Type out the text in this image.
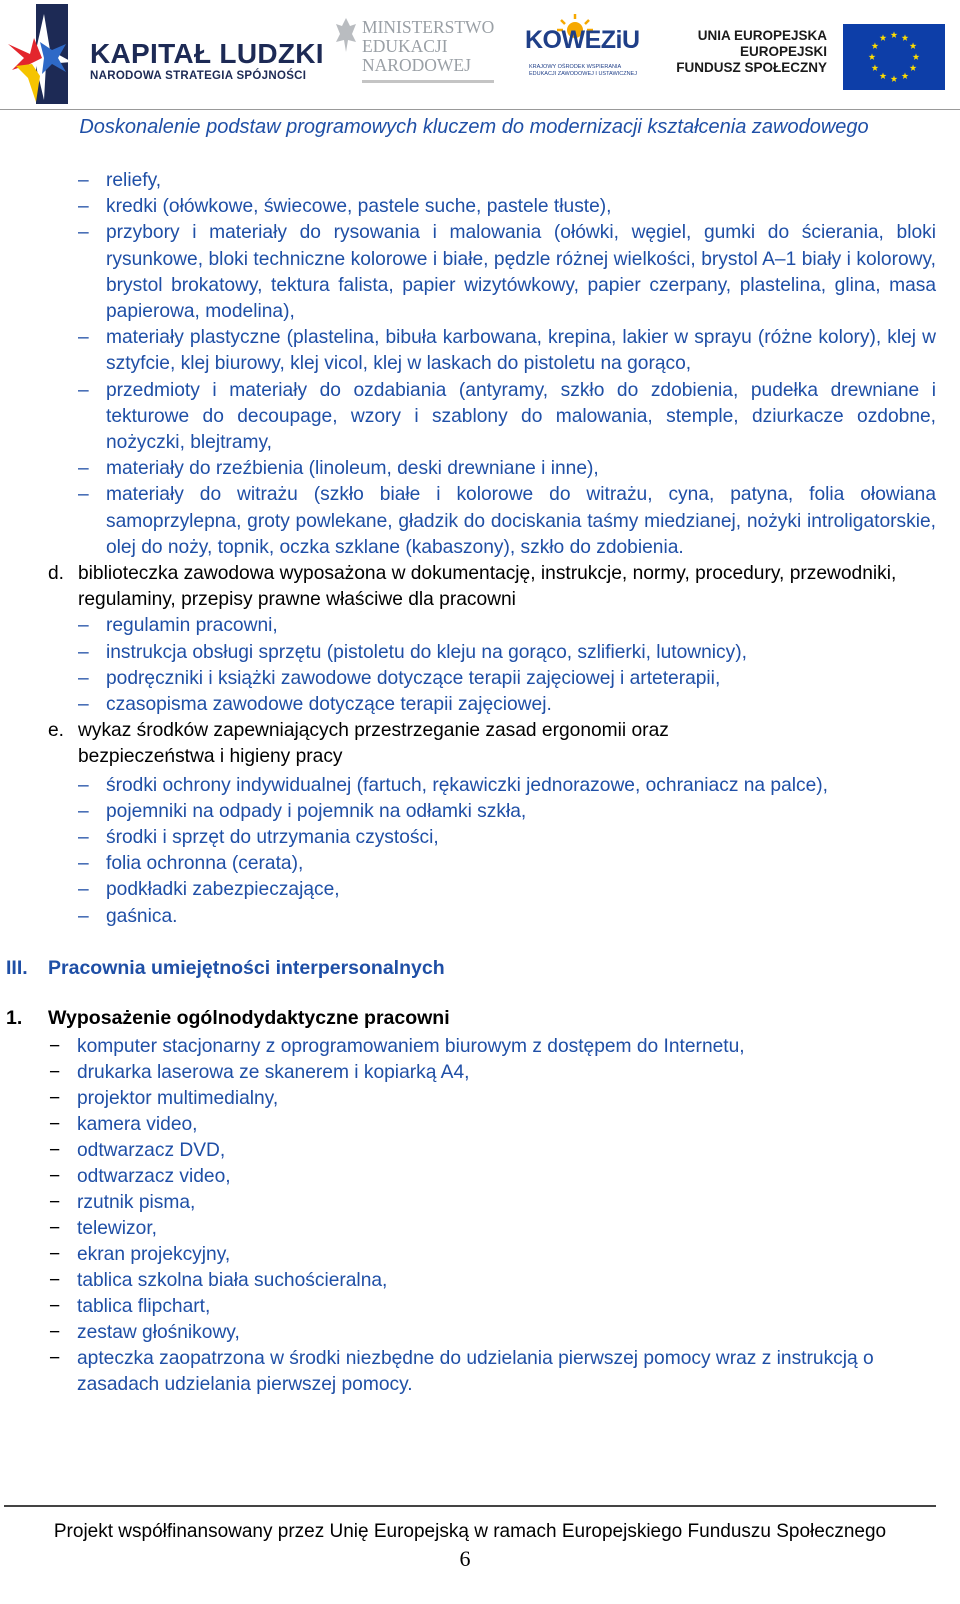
KAPITAŁ LUDZKI
NARODOWA STRATEGIA SPÓJNOŚCI
MINISTERSTWO
EDUKACJI
NARODOWEJ
KOWEZiU
KRAJOWY OŚRODEK WSPIERANIA
EDUKACJI ZAWODOWEJ I USTAWICZNEJ
UNIA EUROPEJSKA
EUROPEJSKI
FUNDUSZ SPOŁECZNY
Doskonalenie podstaw programowych kluczem do modernizacji kształcenia zawodowego
– reliefy,
– kredki (ołówkowe, świecowe, pastele suche, pastele tłuste),
– przybory i materiały do rysowania i malowania (ołówki, węgiel, gumki do ścierania, bloki rysunkowe, bloki techniczne kolorowe i białe, pędzle różnej wielkości, brystol A–1 biały i kolorowy, brystol brokatowy, tektura falista, papier wizytówkowy, papier czerpany, plastelina, glina, masa papierowa, modelina),
– materiały plastyczne (plastelina, bibuła karbowana, krepina, lakier w sprayu (różne kolory), klej w sztyfcie, klej biurowy, klej vicol, klej w laskach do pistoletu na gorąco,
– przedmioty i materiały do ozdabiania (antyramy, szkło do zdobienia, pudełka drewniane i tekturowe do decoupage, wzory i szablony do malowania, stemple, dziurkacze ozdobne, nożyczki, blejtramy,
– materiały do rzeźbienia (linoleum, deski drewniane i inne),
– materiały do witrażu (szkło białe i kolorowe do witrażu, cyna, patyna, folia ołowiana samoprzylepna, groty powlekane, gładzik do dociskania taśmy miedzianej, nożyki introligatorskie, olej do noży, topnik, oczka szklane (kabaszony), szkło do zdobienia.
d. biblioteczka zawodowa wyposażona w dokumentację, instrukcje, normy, procedury, przewodniki, regulaminy, przepisy prawne właściwe dla pracowni
– regulamin pracowni,
– instrukcja obsługi sprzętu (pistoletu do kleju na gorąco, szlifierki, lutownicy),
– podręczniki i książki zawodowe dotyczące terapii zajęciowej i arteterapii,
– czasopisma zawodowe dotyczące terapii zajęciowej.
e. wykaz środków zapewniających przestrzeganie zasad ergonomii oraz bezpieczeństwa i higieny pracy
– środki ochrony indywidualnej (fartuch, rękawiczki jednorazowe, ochraniacz na palce),
– pojemniki na odpady i pojemnik na odłamki szkła,
– środki i sprzęt do utrzymania czystości,
– folia ochronna (cerata),
– podkładki zabezpieczające,
– gaśnica.
III. Pracownia umiejętności interpersonalnych
1. Wyposażenie ogólnodydaktyczne pracowni
− komputer stacjonarny z oprogramowaniem biurowym z dostępem do Internetu,
− drukarka laserowa ze skanerem i kopiarką A4,
− projektor multimedialny,
− kamera video,
− odtwarzacz DVD,
− odtwarzacz video,
− rzutnik pisma,
− telewizor,
− ekran projekcyjny,
− tablica szkolna biała suchościeralna,
− tablica flipchart,
− zestaw głośnikowy,
− apteczka zaopatrzona w środki niezbędne do udzielania pierwszej pomocy wraz z instrukcją o zasadach udzielania pierwszej pomocy.
Projekt współfinansowany przez Unię Europejską w ramach Europejskiego Funduszu Społecznego
6
